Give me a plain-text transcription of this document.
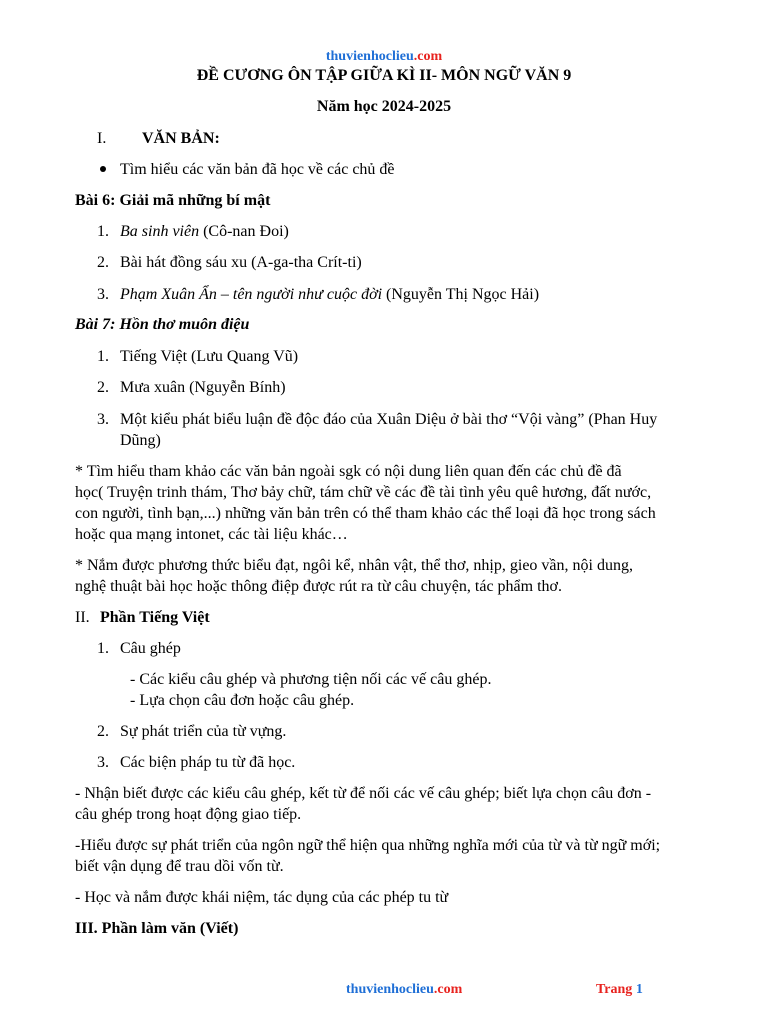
thuvienhoclieu.com
ĐỀ CƯƠNG ÔN TẬP GIỮA KÌ II- MÔN NGỮ VĂN 9
Năm học 2024-2025
I. VĂN BẢN:
Tìm hiểu các văn bản đã học về các chủ đề
Bài 6: Giải mã những bí mật
1. Ba sinh viên (Cô-nan Đoi)
2. Bài hát đồng sáu xu (A-ga-tha Crít-ti)
3. Phạm Xuân Ẩn – tên người như cuộc đời (Nguyễn Thị Ngọc Hải)
Bài 7: Hồn thơ muôn điệu
1. Tiếng Việt (Lưu Quang Vũ)
2. Mưa xuân (Nguyễn Bính)
3. Một kiểu phát biểu luận đề độc đáo của Xuân Diệu ở bài thơ “Vội vàng” (Phan Huy
Dũng)
* Tìm hiểu tham khảo các văn bản ngoài sgk có nội dung liên quan đến các chủ đề đã
học( Truyện trinh thám, Thơ bảy chữ, tám chữ về các đề tài tình yêu quê hương, đất nước,
con người, tình bạn,...) những văn bản trên có thể tham khảo các thể loại đã học trong sách
hoặc qua mạng intonet, các tài liệu khác…
* Nắm được phương thức biểu đạt, ngôi kể, nhân vật, thể thơ, nhịp, gieo vần, nội dung,
nghệ thuật bài học hoặc thông điệp được rút ra từ câu chuyện, tác phẩm thơ.
II. Phần Tiếng Việt
1. Câu ghép
- Các kiểu câu ghép và phương tiện nối các vế câu ghép.
- Lựa chọn câu đơn hoặc câu ghép.
2. Sự phát triển của từ vựng.
3. Các biện pháp tu từ đã học.
- Nhận biết được các kiểu câu ghép, kết từ để nối các vế câu ghép; biết lựa chọn câu đơn -
câu ghép trong hoạt động giao tiếp.
-Hiểu được sự phát triển của ngôn ngữ thể hiện qua những nghĩa mới của từ và từ ngữ mới;
biết vận dụng để trau dồi vốn từ.
- Học và nắm được khái niệm, tác dụng của các phép tu từ
III. Phần làm văn (Viết)
thuvienhoclieu.com	Trang 1
